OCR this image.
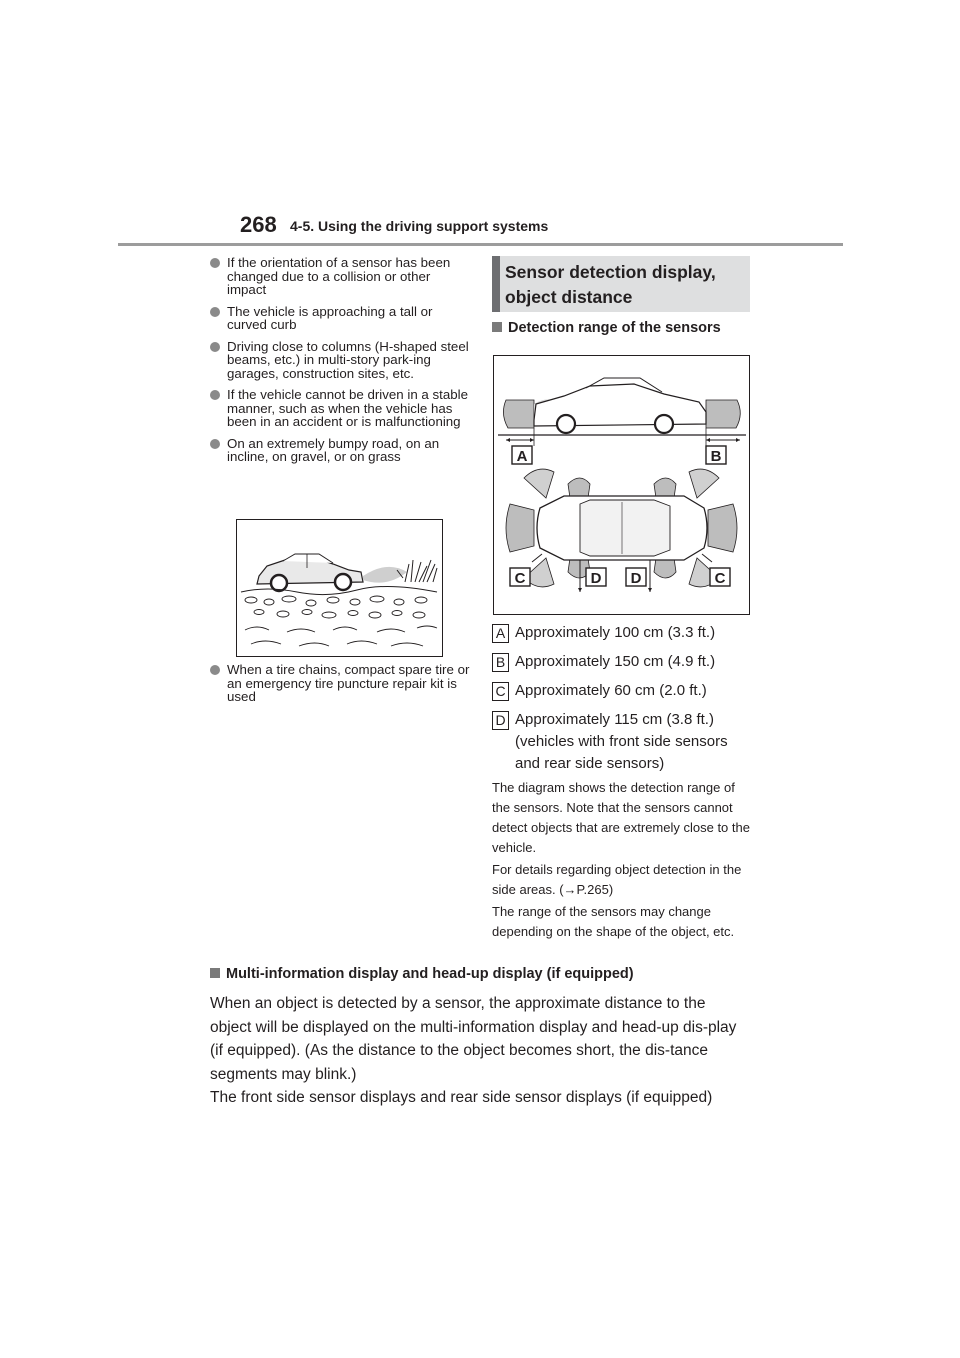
268 4-5. Using the driving support systems
If the orientation of a sensor has been changed due to a collision or other impact
The vehicle is approaching a tall or curved curb
Driving close to columns (H-shaped steel beams, etc.) in multi-story park-ing garages, construction sites, etc.
If the vehicle cannot be driven in a stable manner, such as when the vehicle has been in an accident or is malfunctioning
On an extremely bumpy road, on an incline, on gravel, or on grass
When a tire chains, compact spare tire or an emergency tire puncture repair kit is used
Sensor detection display, object distance
Detection range of the sensors
A	B
C	D D	C
A Approximately 100 cm (3.3 ft.)
B Approximately 150 cm (4.9 ft.)
C Approximately 60 cm (2.0 ft.)
D Approximately 115 cm (3.8 ft.) (vehicles with front side sensors and rear side sensors)
The diagram shows the detection range of the sensors. Note that the sensors cannot detect objects that are extremely close to the vehicle.
For details regarding object detection in the side areas. (→P.265)
The range of the sensors may change depending on the shape of the object, etc.
Multi-information display and head-up display (if equipped)
When an object is detected by a sensor, the approximate distance to the object will be displayed on the multi-information display and head-up dis-play (if equipped). (As the distance to the object becomes short, the dis-tance segments may blink.)
The front side sensor displays and rear side sensor displays (if equipped)
